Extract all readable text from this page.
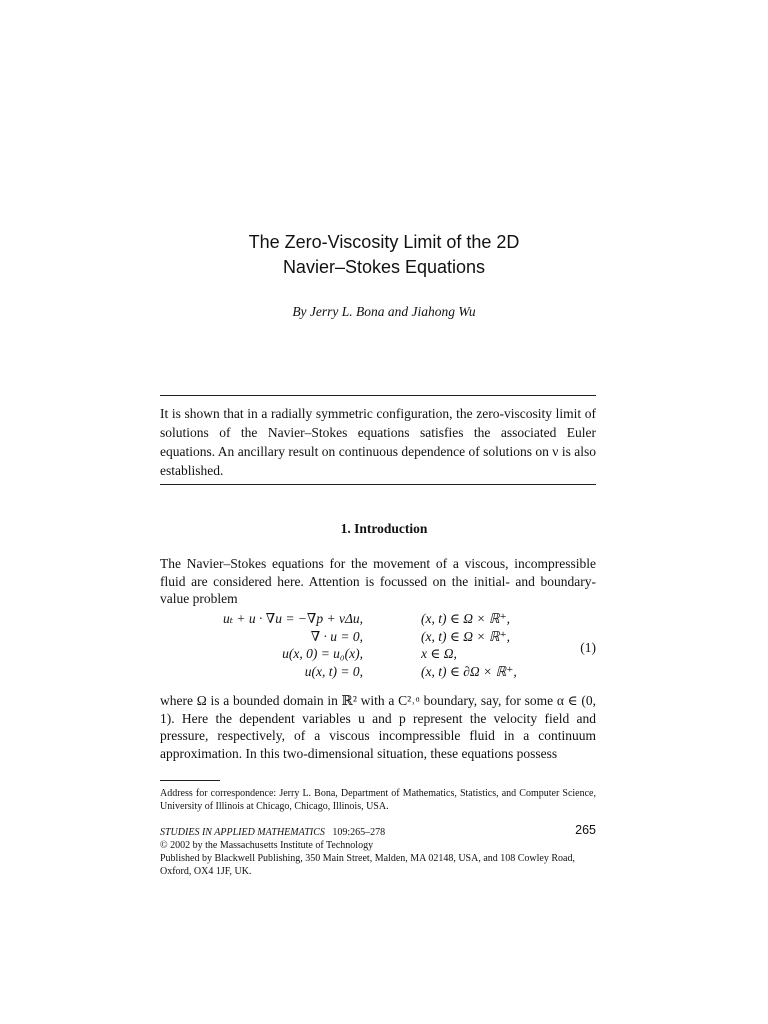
The Zero-Viscosity Limit of the 2D
Navier–Stokes Equations
By Jerry L. Bona and Jiahong Wu
It is shown that in a radially symmetric configuration, the zero-viscosity limit of solutions of the Navier–Stokes equations satisfies the associated Euler equations. An ancillary result on continuous dependence of solutions on ν is also established.
1. Introduction
The Navier–Stokes equations for the movement of a viscous, incompressible fluid are considered here. Attention is focussed on the initial- and boundary-value problem
uₜ + u · ∇u = −∇p + νΔu,	(x, t) ∈ Ω × ℝ⁺,
∇ · u = 0,	(x, t) ∈ Ω × ℝ⁺,
u(x, 0) = u₀(x),	x ∈ Ω,
u(x, t) = 0,	(x, t) ∈ ∂Ω × ℝ⁺,
(1)
where Ω is a bounded domain in ℝ² with a C²˒ᵅ boundary, say, for some α ∈ (0, 1). Here the dependent variables u and p represent the velocity field and pressure, respectively, of a viscous incompressible fluid in a continuum approximation. In this two-dimensional situation, these equations possess
Address for correspondence: Jerry L. Bona, Department of Mathematics, Statistics, and Computer Science, University of Illinois at Chicago, Chicago, Illinois, USA.
STUDIES IN APPLIED MATHEMATICS 109:265–278	265
© 2002 by the Massachusetts Institute of Technology
Published by Blackwell Publishing, 350 Main Street, Malden, MA 02148, USA, and 108 Cowley Road,
Oxford, OX4 1JF, UK.
